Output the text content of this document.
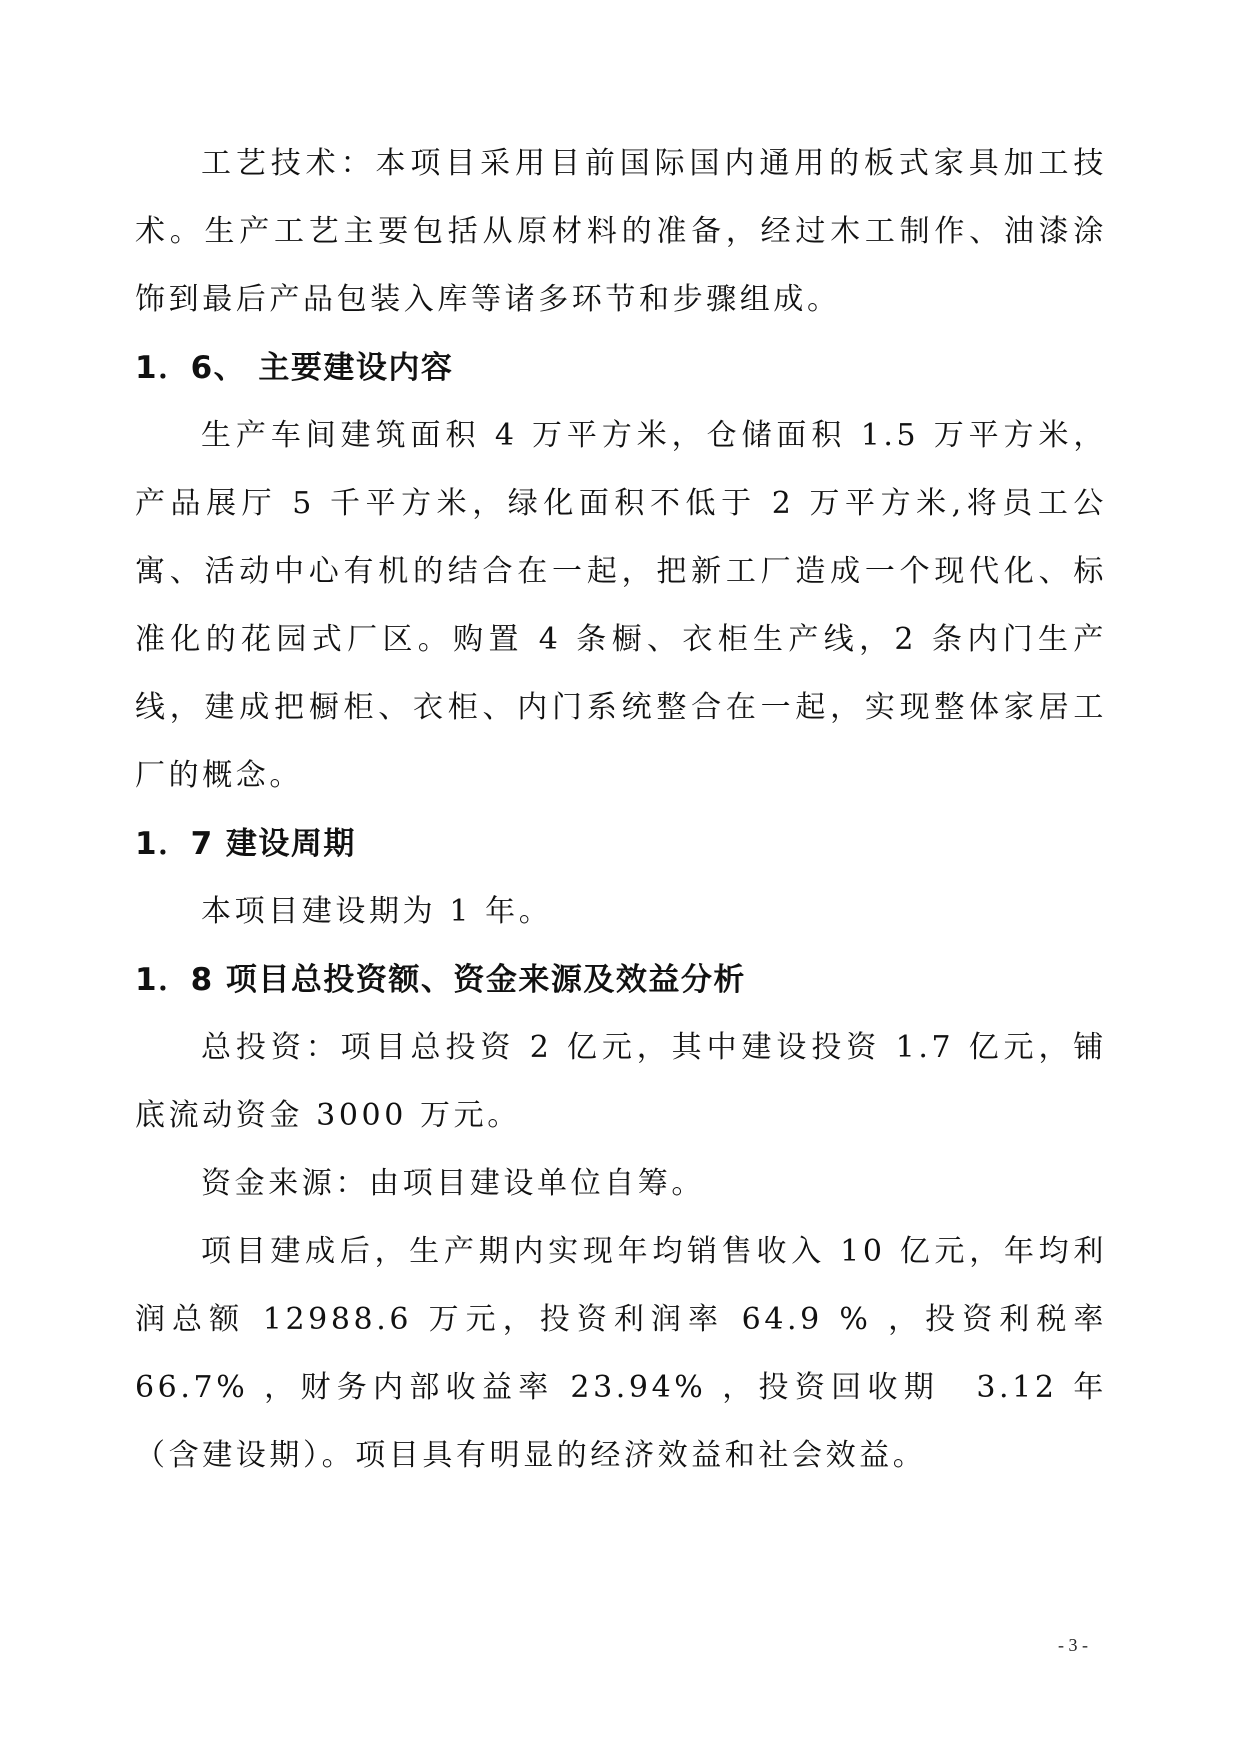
工艺技术：本项目采用目前国际国内通用的板式家具加工技术。生产工艺主要包括从原材料的准备，经过木工制作、油漆涂饰到最后产品包装入库等诸多环节和步骤组成。

1．6、 主要建设内容

生产车间建筑面积 4 万平方米，仓储面积 1.5 万平方米，产品展厅 5 千平方米，绿化面积不低于 2 万平方米,将员工公寓、活动中心有机的结合在一起，把新工厂造成一个现代化、标准化的花园式厂区。购置 4 条橱、衣柜生产线，2 条内门生产线，建成把橱柜、衣柜、内门系统整合在一起，实现整体家居工厂的概念。

1．7 建设周期

本项目建设期为 1 年。

1．8 项目总投资额、资金来源及效益分析

总投资：项目总投资 2 亿元，其中建设投资 1.7 亿元，铺底流动资金 3000 万元。

资金来源：由项目建设单位自筹。

项目建成后，生产期内实现年均销售收入 10 亿元，年均利润总额 12988.6 万元，投资利润率 64.9 % ，投资利税率 66.7% ，财务内部收益率 23.94% ，投资回收期　3.12 年（含建设期）。项目具有明显的经济效益和社会效益。

- 3 -
